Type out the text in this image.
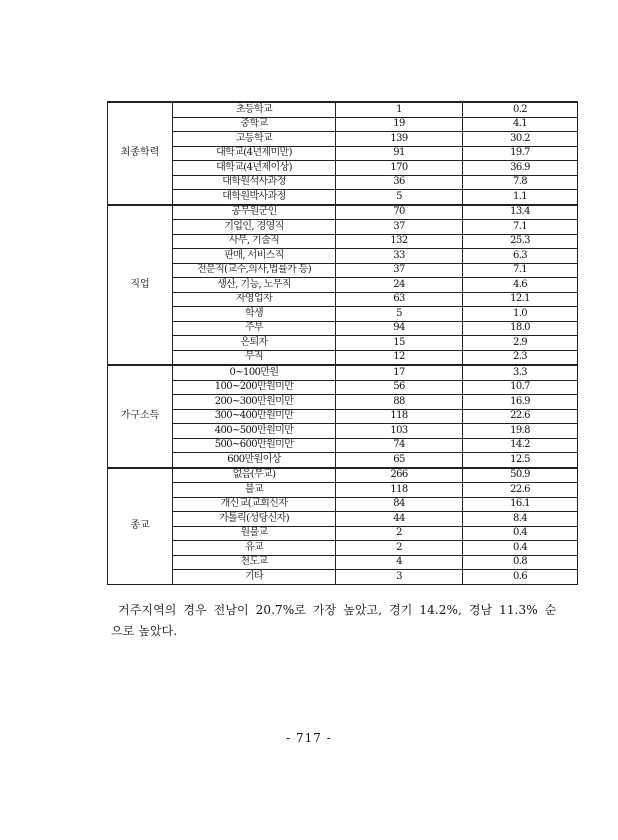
최종학력	초등학교	1	0.2
	중학교	19	4.1
	고등학교	139	30.2
	대학교(4년제미만)	91	19.7
	대학교(4년제이상)	170	36.9
	대학원석사과정	36	7.8
	대학원박사과정	5	1.1
직업	공무원군인	70	13.4
	기업인, 경영직	37	7.1
	사무, 기술직	132	25.3
	판매, 서비스직	33	6.3
	전문직(교수,의사,법률가 등)	37	7.1
	생산, 기능, 노무직	24	4.6
	자영업자	63	12.1
	학생	5	1.0
	주부	94	18.0
	은퇴자	15	2.9
	무직	12	2.3
가구소득	0~100만원	17	3.3
	100~200만원미만	56	10.7
	200~300만원미만	88	16.9
	300~400만원미만	118	22.6
	400~500만원미만	103	19.8
	500~600만원미만	74	14.2
	600만원이상	65	12.5
종교	없음(무교)	266	50.9
	불교	118	22.6
	개신교(교회신자	84	16.1
	가톨릭(성당신자)	44	8.4
	원불교	2	0.4
	유교	2	0.4
	천도교	4	0.8
	기타	3	0.6

거주지역의 경우 전남이 20.7%로 가장 높았고, 경기 14.2%, 경남 11.3% 순
으로 높았다.

- 717 -
